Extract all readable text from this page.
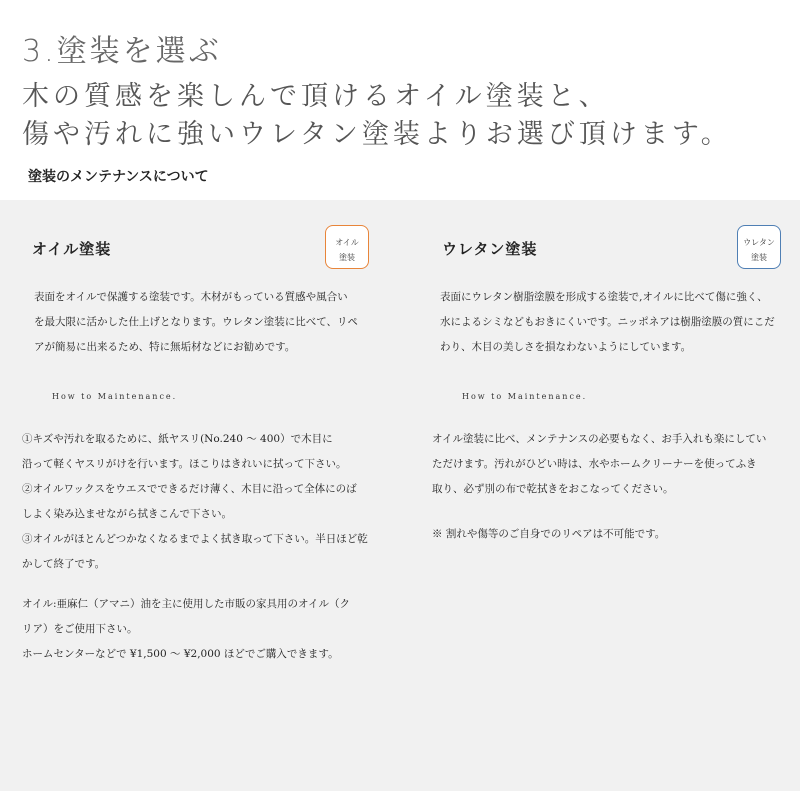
3.塗装を選ぶ
木の質感を楽しんで頂けるオイル塗装と、
傷や汚れに強いウレタン塗装よりお選び頂けます。
塗装のメンテナンスについて
オイル塗装	オイル
塗装
表面をオイルで保護する塗装です。木材がもっている質感や風合い
を最大限に活かした仕上げとなります。ウレタン塗装に比べて、リペ
アが簡易に出来るため、特に無垢材などにお勧めです。
How to Maintenance.
①キズや汚れを取るために、紙ヤスリ(No.240 ～ 400）で木目に
沿って軽くヤスリがけを行います。ほこりはきれいに拭って下さい。
②オイルワックスをウエスでできるだけ薄く、木目に沿って全体にのば
しよく染み込ませながら拭きこんで下さい。
③オイルがほとんどつかなくなるまでよく拭き取って下さい。半日ほど乾
かして終了です。
オイル:亜麻仁（アマニ）油を主に使用した市販の家具用のオイル（ク
リア）をご使用下さい。
ホームセンターなどで ¥1,500 ～ ¥2,000 ほどでご購入できます。
ウレタン塗装	ウレタン
塗装
表面にウレタン樹脂塗膜を形成する塗装で,オイルに比べて傷に強く、
水によるシミなどもおきにくいです。ニッポネアは樹脂塗膜の質にこだ
わり、木目の美しさを損なわないようにしています。
How to Maintenance.
オイル塗装に比べ、メンテナンスの必要もなく、お手入れも楽にしてい
ただけます。汚れがひどい時は、水やホームクリーナーを使ってふき
取り、必ず別の布で乾拭きをおこなってください。
※ 割れや傷等のご自身でのリペアは不可能です。
